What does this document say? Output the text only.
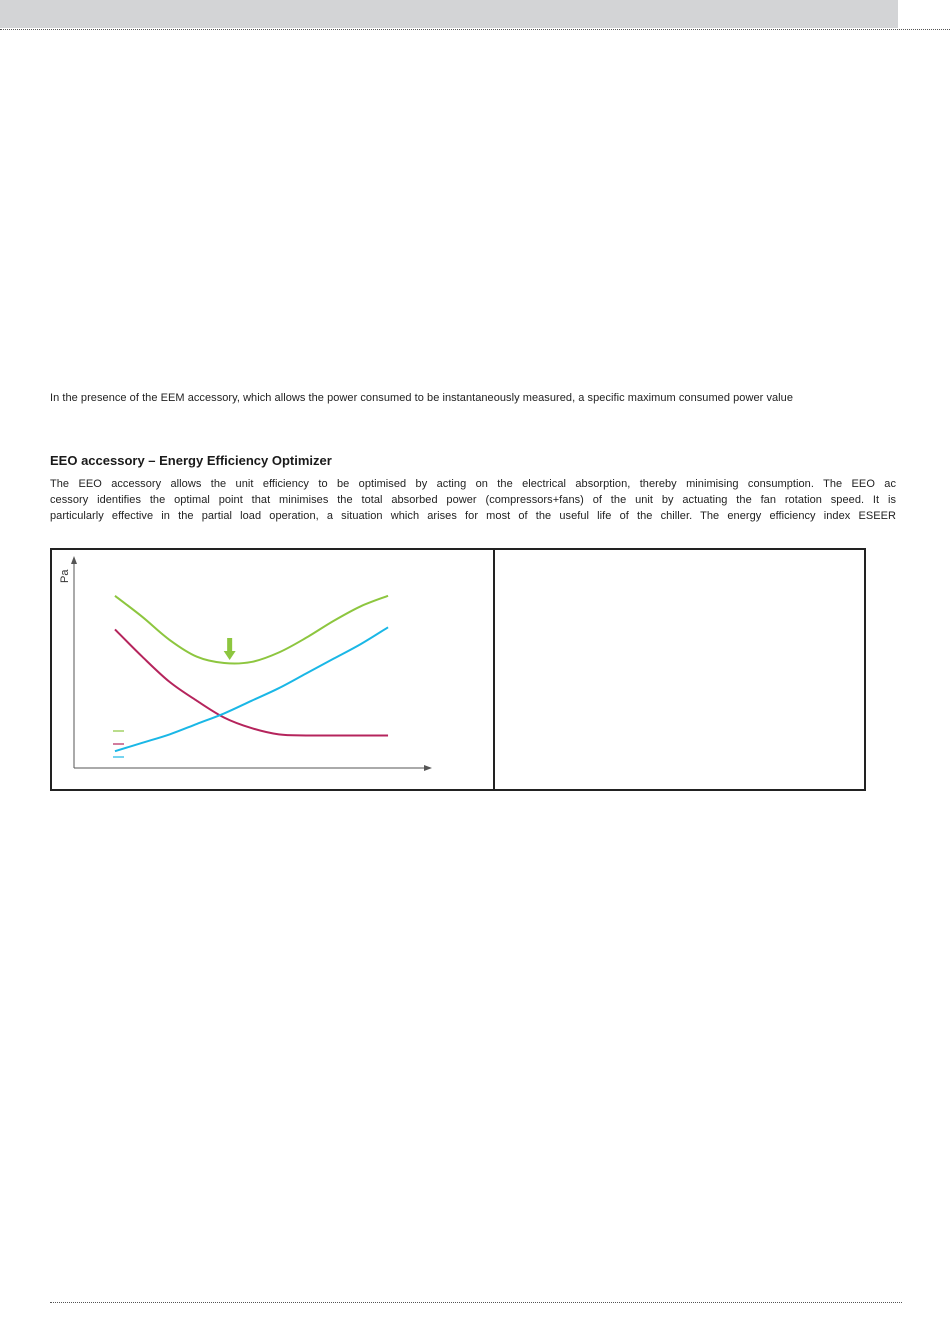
In the presence of the EEM accessory, which allows the power consumed to be instantaneously measured, a specific maximum consumed power value

EEO accessory – Energy Efficiency Optimizer
The EEO accessory allows the unit efficiency to be optimised by acting on the electrical absorption, thereby minimising consumption. The EEO ac
cessory identifies the optimal point that minimises the total absorbed power (compressors+fans) of the unit by actuating the fan rotation speed. It is
particularly effective in the partial load operation, a situation which arises for most of the useful life of the chiller. The energy efficiency index ESEER
Pa
